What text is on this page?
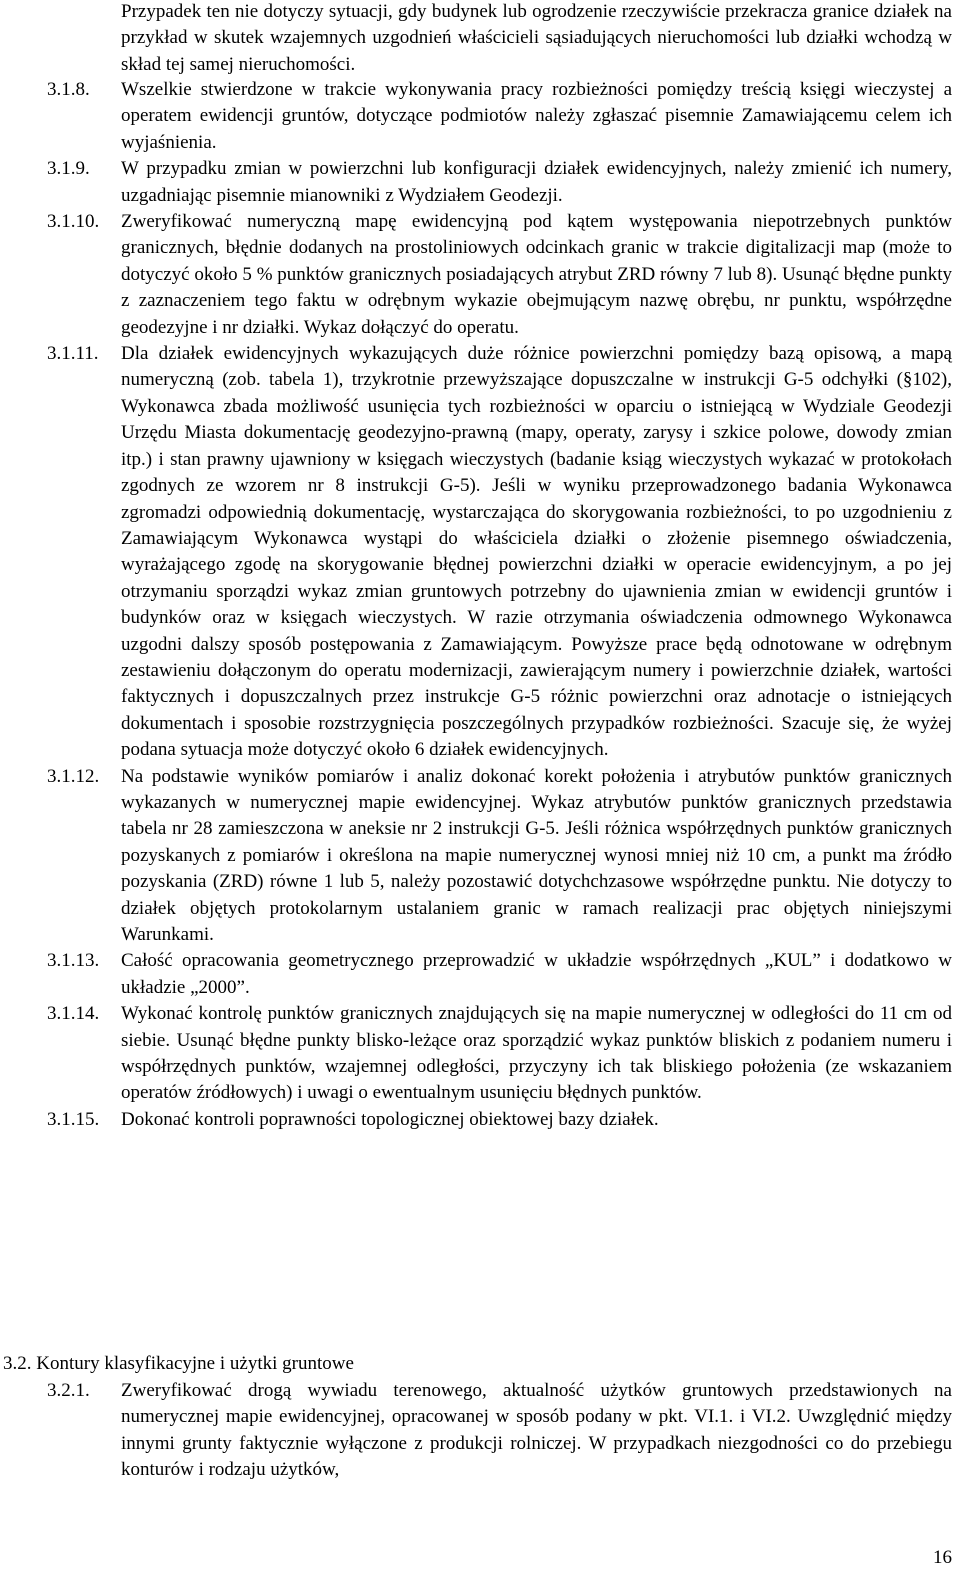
Przypadek ten nie dotyczy sytuacji, gdy budynek lub ogrodzenie rzeczywiście przekracza granice działek na przykład w skutek wzajemnych uzgodnień właścicieli sąsiadujących nieruchomości lub działki wchodzą w skład tej samej nieruchomości.
3.1.8. Wszelkie stwierdzone w trakcie wykonywania pracy rozbieżności pomiędzy treścią księgi wieczystej a operatem ewidencji gruntów, dotyczące podmiotów należy zgłaszać pisemnie Zamawiającemu celem ich wyjaśnienia.
3.1.9. W przypadku zmian w powierzchni lub konfiguracji działek ewidencyjnych, należy zmienić ich numery, uzgadniając pisemnie mianowniki z Wydziałem Geodezji.
3.1.10. Zweryfikować numeryczną mapę ewidencyjną pod kątem występowania niepotrzebnych punktów granicznych, błędnie dodanych na prostoliniowych odcinkach granic w trakcie digitalizacji map (może to dotyczyć około 5 % punktów granicznych posiadających atrybut ZRD równy 7 lub 8). Usunąć błędne punkty z zaznaczeniem tego faktu w odrębnym wykazie obejmującym nazwę obrębu, nr punktu, współrzędne geodezyjne i nr działki. Wykaz dołączyć do operatu.
3.1.11. Dla działek ewidencyjnych wykazujących duże różnice powierzchni pomiędzy bazą opisową, a mapą numeryczną (zob. tabela 1), trzykrotnie przewyższające dopuszczalne w instrukcji G-5 odchyłki (§102), Wykonawca zbada możliwość usunięcia tych rozbieżności w oparciu o istniejącą w Wydziale Geodezji Urzędu Miasta dokumentację geodezyjno-prawną (mapy, operaty, zarysy i szkice polowe, dowody zmian itp.) i stan prawny ujawniony w księgach wieczystych (badanie ksiąg wieczystych wykazać w protokołach zgodnych ze wzorem nr 8 instrukcji G-5). Jeśli w wyniku przeprowadzonego badania Wykonawca zgromadzi odpowiednią dokumentację, wystarczająca do skorygowania rozbieżności, to po uzgodnieniu z Zamawiającym Wykonawca wystąpi do właściciela działki o złożenie pisemnego oświadczenia, wyrażającego zgodę na skorygowanie błędnej powierzchni działki w operacie ewidencyjnym, a po jej otrzymaniu sporządzi wykaz zmian gruntowych potrzebny do ujawnienia zmian w ewidencji gruntów i budynków oraz w księgach wieczystych. W razie otrzymania oświadczenia odmownego Wykonawca uzgodni dalszy sposób postępowania z Zamawiającym. Powyższe prace będą odnotowane w odrębnym zestawieniu dołączonym do operatu modernizacji, zawierającym numery i powierzchnie działek, wartości faktycznych i dopuszczalnych przez instrukcje G-5 różnic powierzchni oraz adnotacje o istniejących dokumentach i sposobie rozstrzygnięcia poszczególnych przypadków rozbieżności. Szacuje się, że wyżej podana sytuacja może dotyczyć około 6 działek ewidencyjnych.
3.1.12. Na podstawie wyników pomiarów i analiz dokonać korekt położenia i atrybutów punktów granicznych wykazanych w numerycznej mapie ewidencyjnej. Wykaz atrybutów punktów granicznych przedstawia tabela nr 28 zamieszczona w aneksie nr 2 instrukcji G-5. Jeśli różnica współrzędnych punktów granicznych pozyskanych z pomiarów i określona na mapie numerycznej wynosi mniej niż 10 cm, a punkt ma źródło pozyskania (ZRD) równe 1 lub 5, należy pozostawić dotychchzasowe współrzędne punktu. Nie dotyczy to działek objętych protokolarnym ustalaniem granic w ramach realizacji prac objętych niniejszymi Warunkami.
3.1.13. Całość opracowania geometrycznego przeprowadzić w układzie współrzędnych „KUL” i dodatkowo w układzie „2000”.
3.1.14. Wykonać kontrolę punktów granicznych znajdujących się na mapie numerycznej w odległości do 11 cm od siebie. Usunąć błędne punkty blisko-leżące oraz sporządzić wykaz punktów bliskich z podaniem numeru i współrzędnych punktów, wzajemnej odległości, przyczyny ich tak bliskiego położenia (ze wskazaniem operatów źródłowych) i uwagi o ewentualnym usunięciu błędnych punktów.
3.1.15. Dokonać kontroli poprawności topologicznej obiektowej bazy działek.
3.2. Kontury klasyfikacyjne i użytki gruntowe
3.2.1. Zweryfikować drogą wywiadu terenowego, aktualność użytków gruntowych przedstawionych na numerycznej mapie ewidencyjnej, opracowanej w sposób podany w pkt. VI.1. i VI.2. Uwzględnić między innymi grunty faktycznie wyłączone z produkcji rolniczej. W przypadkach niezgodności co do przebiegu konturów i rodzaju użytków,
16
